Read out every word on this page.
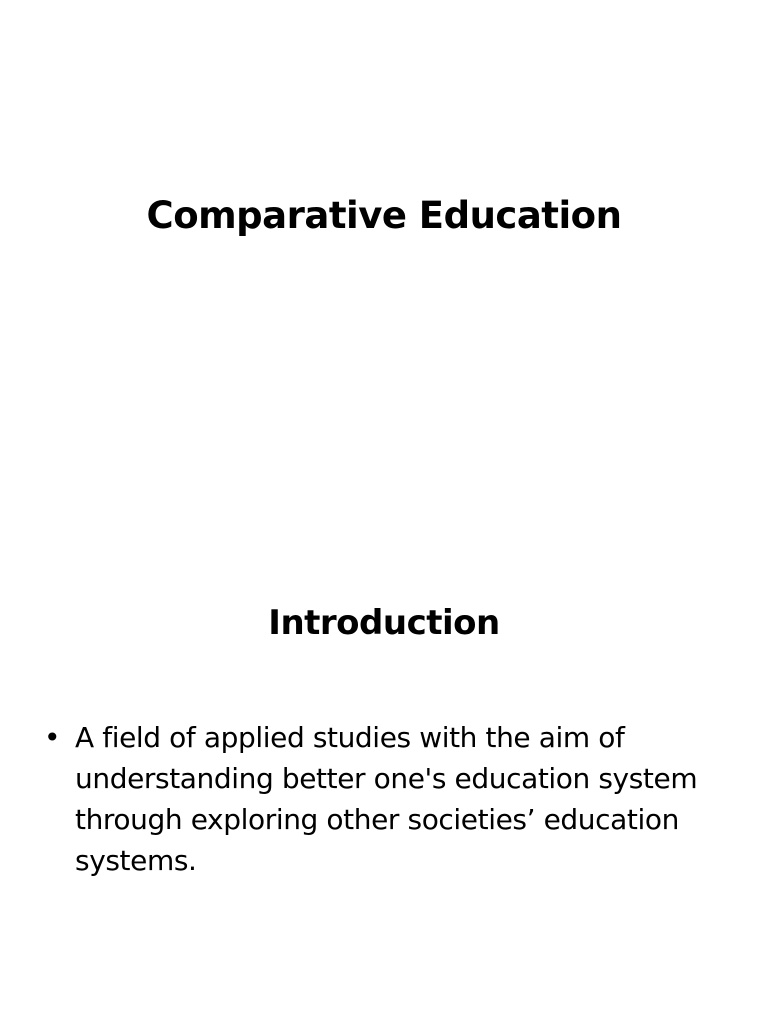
Comparative Education
Introduction
• A field of applied studies with the aim of understanding better one's education system through exploring other societies’ education systems.
